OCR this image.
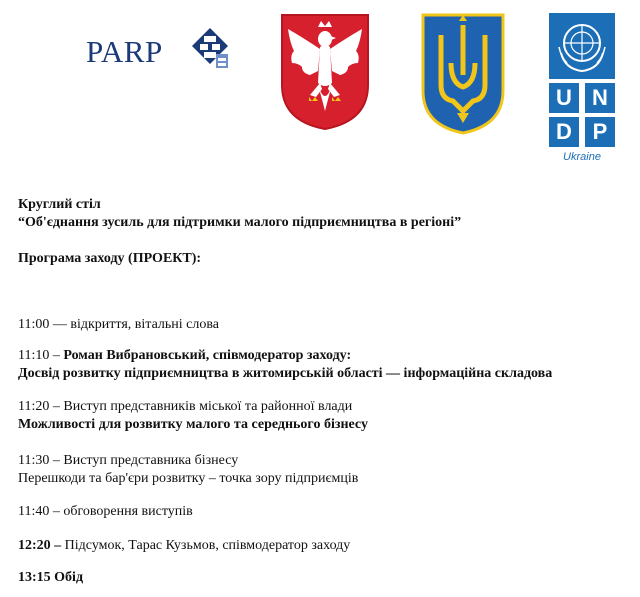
PARP
U N
D P
Ukraine
Круглий стіл
“Об'єднання зусиль для підтримки малого підприємництва в регіоні”
Програма заходу (ПРОЕКТ):
11:00 — відкриття, вітальні слова
11:10 – Роман Вибрановський, співмодератор заходу:
Досвід розвитку підприємництва в житомирській області — інформаційна складова
11:20 – Виступ представників міської та районної влади
Можливості для розвитку малого та середнього бізнесу
11:30 – Виступ представника бізнесу
Перешкоди та бар'єри розвитку – точка зору підприємців
11:40 – обговорення виступів
12:20 – Підсумок, Тарас Кузьмов, співмодератор заходу
13:15 Обід
